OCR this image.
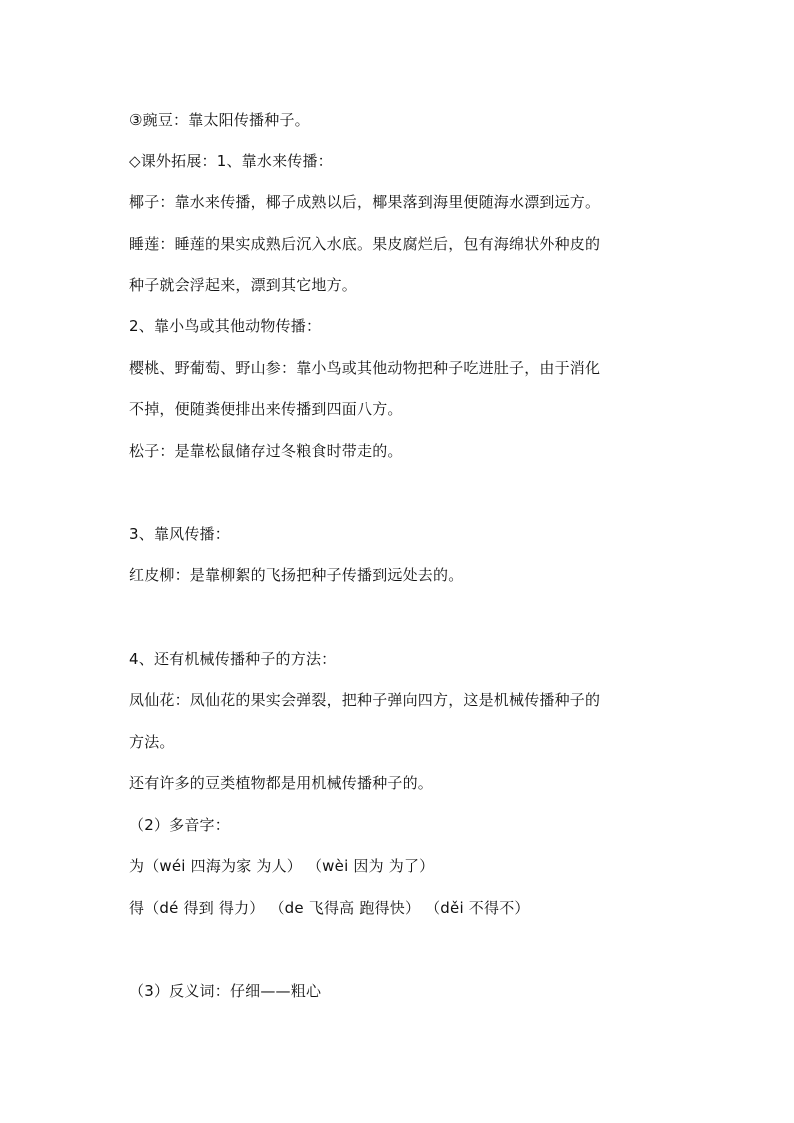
③豌豆：靠太阳传播种子。
◇课外拓展：1、靠水来传播：
椰子：靠水来传播，椰子成熟以后，椰果落到海里便随海水漂到远方。
睡莲：睡莲的果实成熟后沉入水底。果皮腐烂后，包有海绵状外种皮的
种子就会浮起来，漂到其它地方。
2、靠小鸟或其他动物传播：
樱桃、野葡萄、野山参：靠小鸟或其他动物把种子吃进肚子，由于消化
不掉，便随粪便排出来传播到四面八方。
松子：是靠松鼠储存过冬粮食时带走的。
3、靠风传播：
红皮柳：是靠柳絮的飞扬把种子传播到远处去的。
4、还有机械传播种子的方法：
凤仙花：凤仙花的果实会弹裂，把种子弹向四方，这是机械传播种子的
方法。
还有许多的豆类植物都是用机械传播种子的。
（2）多音字：
为（wéi 四海为家 为人） （wèi 因为 为了）
得（dé 得到 得力） （de 飞得高 跑得快） （děi 不得不）
（3）反义词：仔细——粗心
